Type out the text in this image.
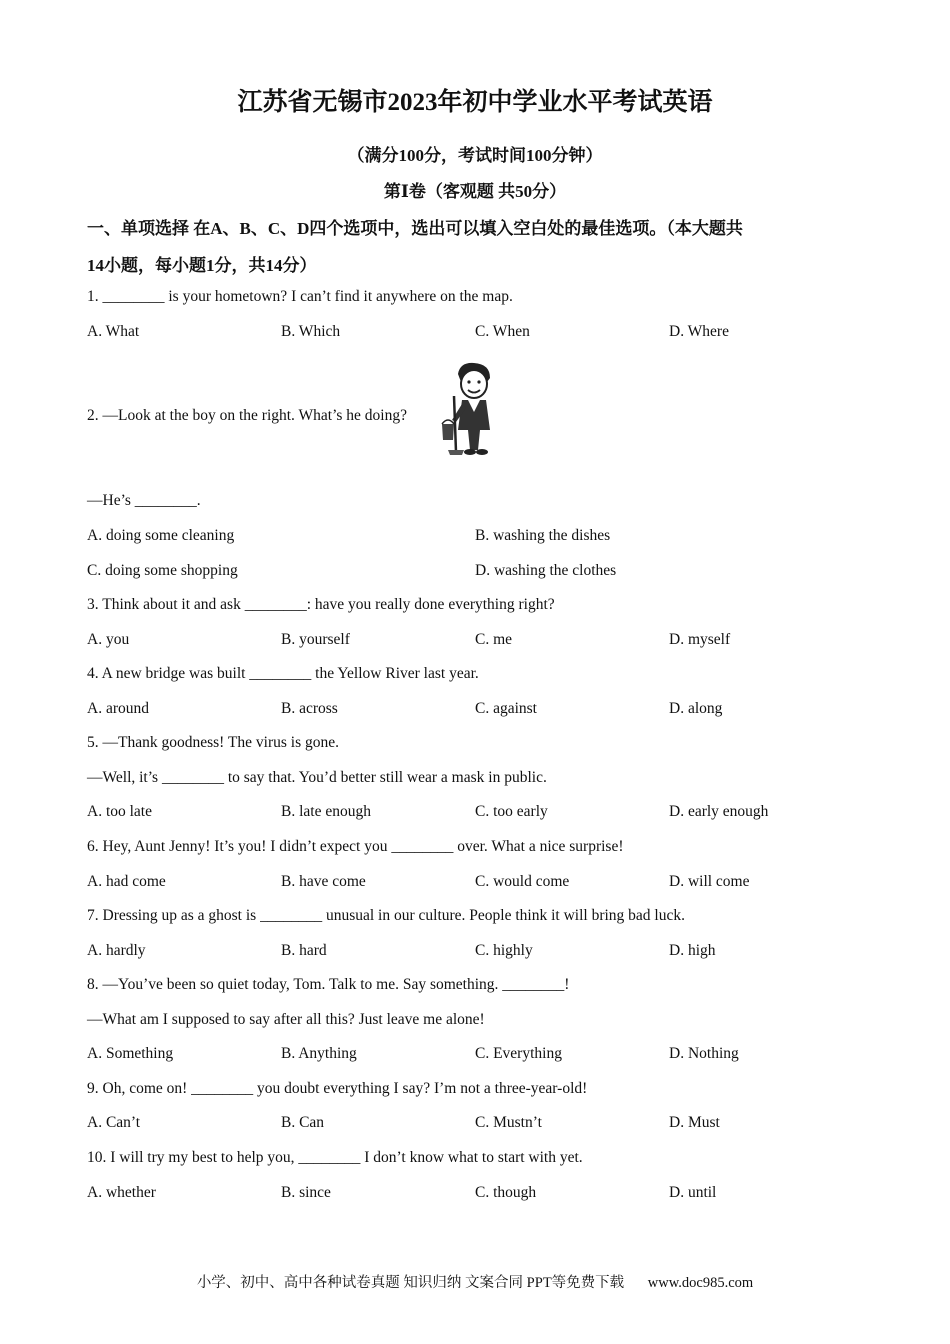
江苏省无锡市2023年初中学业水平考试英语
（满分100分，考试时间100分钟）
第Ⅰ卷（客观题 共50分）
一、单项选择 在A、B、C、D四个选项中，选出可以填入空白处的最佳选项。（本大题共
14小题，每小题1分，共14分）
1. ________ is your hometown? I can’t find it anywhere on the map.
A. What	B. Which	C. When	D. Where
2. —Look at the boy on the right. What’s he doing?
—He’s ________.
A. doing some cleaning	B. washing the dishes
C. doing some shopping	D. washing the clothes
3. Think about it and ask ________: have you really done everything right?
A. you	B. yourself	C. me	D. myself
4. A new bridge was built ________ the Yellow River last year.
A. around	B. across	C. against	D. along
5. —Thank goodness! The virus is gone.
—Well, it’s ________ to say that. You’d better still wear a mask in public.
A. too late	B. late enough	C. too early	D. early enough
6. Hey, Aunt Jenny! It’s you! I didn’t expect you ________ over. What a nice surprise!
A. had come	B. have come	C. would come	D. will come
7. Dressing up as a ghost is ________ unusual in our culture. People think it will bring bad luck.
A. hardly	B. hard	C. highly	D. high
8. —You’ve been so quiet today, Tom. Talk to me. Say something. ________!
—What am I supposed to say after all this? Just leave me alone!
A. Something	B. Anything	C. Everything	D. Nothing
9. Oh, come on! ________ you doubt everything I say? I’m not a three-year-old!
A. Can’t	B. Can	C. Mustn’t	D. Must
10. I will try my best to help you, ________ I don’t know what to start with yet.
A. whether	B. since	C. though	D. until
小学、初中、高中各种试卷真题 知识归纳 文案合同 PPT等免费下载 www.doc985.com
